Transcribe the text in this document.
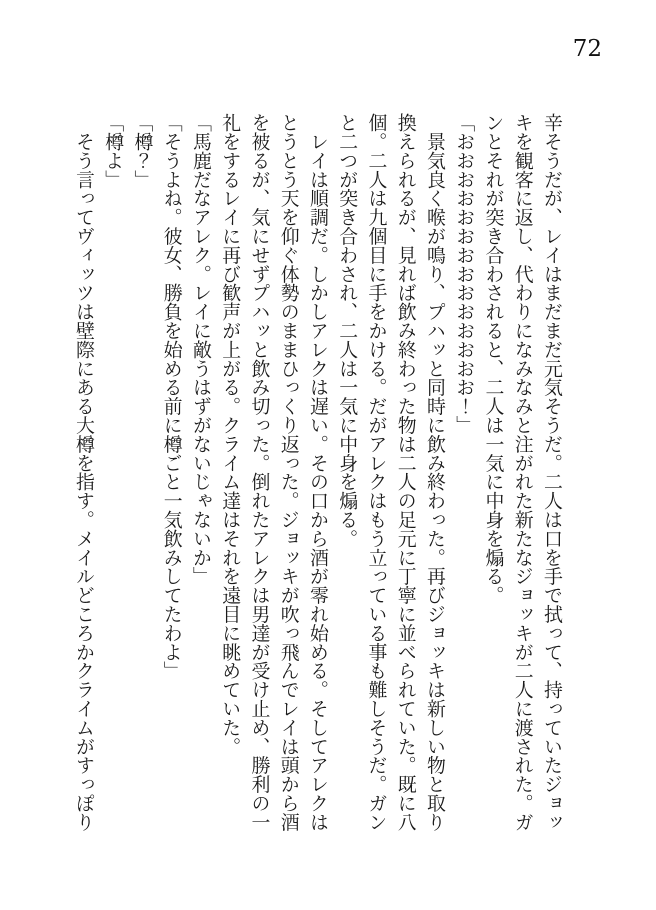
72

辛そうだが、レイはまだまだ元気そうだ。二人は口を手で拭って、持っていたジョッ

キを観客に返し、代わりになみなみと注がれた新たなジョッキが二人に渡された。ガ

ンとそれが突き合わされると、二人は一気に中身を煽る。

「おおおおおおおおおおおおおお！」

　景気良く喉が鳴り、プハッと同時に飲み終わった。再びジョッキは新しい物と取り

換えられるが、見れば飲み終わった物は二人の足元に丁寧に並べられていた。既に八

個。二人は九個目に手をかける。だがアレクはもう立っている事も難しそうだ。ガン

と二つが突き合わされ、二人は一気に中身を煽る。

　レイは順調だ。しかしアレクは遅い。その口から酒が零れ始める。そしてアレクは

とうとう天を仰ぐ体勢のままひっくり返った。ジョッキが吹っ飛んでレイは頭から酒

を被るが、気にせずプハッと飲み切った。倒れたアレクは男達が受け止め、勝利の一

礼をするレイに再び歓声が上がる。クライム達はそれを遠目に眺めていた。

「馬鹿だなアレク。レイに敵うはずがないじゃないか」

「そうよね。彼女、勝負を始める前に樽ごと一気飲みしてたわよ」

「樽？」

「樽よ」

　そう言ってヴィッツは壁際にある大樽を指す。メイルどころかクライムがすっぽり
